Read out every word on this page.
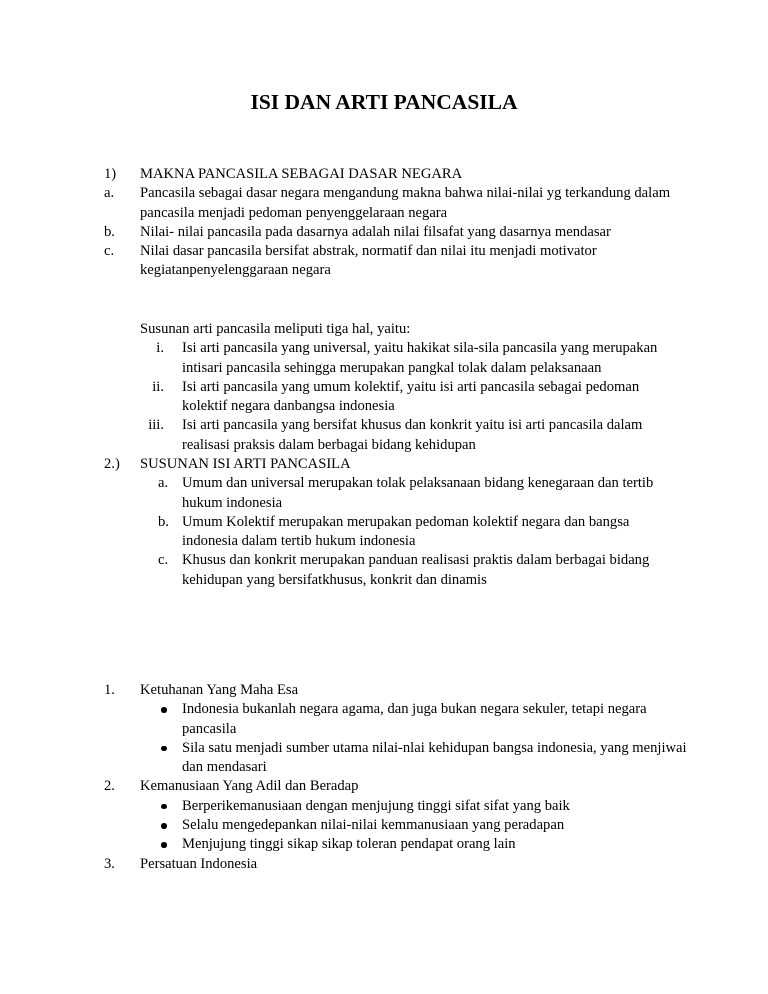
ISI DAN ARTI PANCASILA
1) MAKNA PANCASILA SEBAGAI DASAR NEGARA
a. Pancasila sebagai dasar negara mengandung makna bahwa nilai-nilai yg terkandung dalam pancasila menjadi pedoman penyenggelaraan negara
b. Nilai- nilai pancasila pada dasarnya adalah nilai filsafat yang dasarnya mendasar
c. Nilai dasar pancasila bersifat abstrak, normatif dan nilai itu menjadi motivator kegiatanpenyelenggaraan negara
Susunan arti pancasila meliputi tiga hal, yaitu:
i. Isi arti pancasila yang universal, yaitu hakikat sila-sila pancasila yang merupakan intisari pancasila sehingga merupakan pangkal tolak dalam pelaksanaan
ii. Isi arti pancasila yang umum kolektif, yaitu isi arti pancasila sebagai pedoman kolektif negara danbangsa indonesia
iii. Isi arti pancasila yang bersifat khusus dan konkrit yaitu isi arti pancasila dalam realisasi praksis dalam berbagai bidang kehidupan
2.) SUSUNAN ISI ARTI PANCASILA
a. Umum dan universal merupakan tolak pelaksanaan bidang kenegaraan dan tertib hukum indonesia
b. Umum Kolektif merupakan merupakan pedoman kolektif negara dan bangsa indonesia dalam tertib hukum indonesia
c. Khusus dan konkrit merupakan panduan realisasi praktis dalam berbagai bidang kehidupan yang bersifatkhusus, konkrit dan dinamis
1. Ketuhanan Yang Maha Esa
Indonesia bukanlah negara agama, dan juga bukan negara sekuler, tetapi negara pancasila
Sila satu menjadi sumber utama nilai-nlai kehidupan bangsa indonesia, yang menjiwai dan mendasari
2. Kemanusiaan Yang Adil dan Beradap
Berperikemanusiaan dengan menjujung tinggi sifat sifat yang baik
Selalu mengedepankan nilai-nilai kemmanusiaan yang peradapan
Menjujung tinggi sikap sikap toleran pendapat orang lain
3. Persatuan Indonesia
